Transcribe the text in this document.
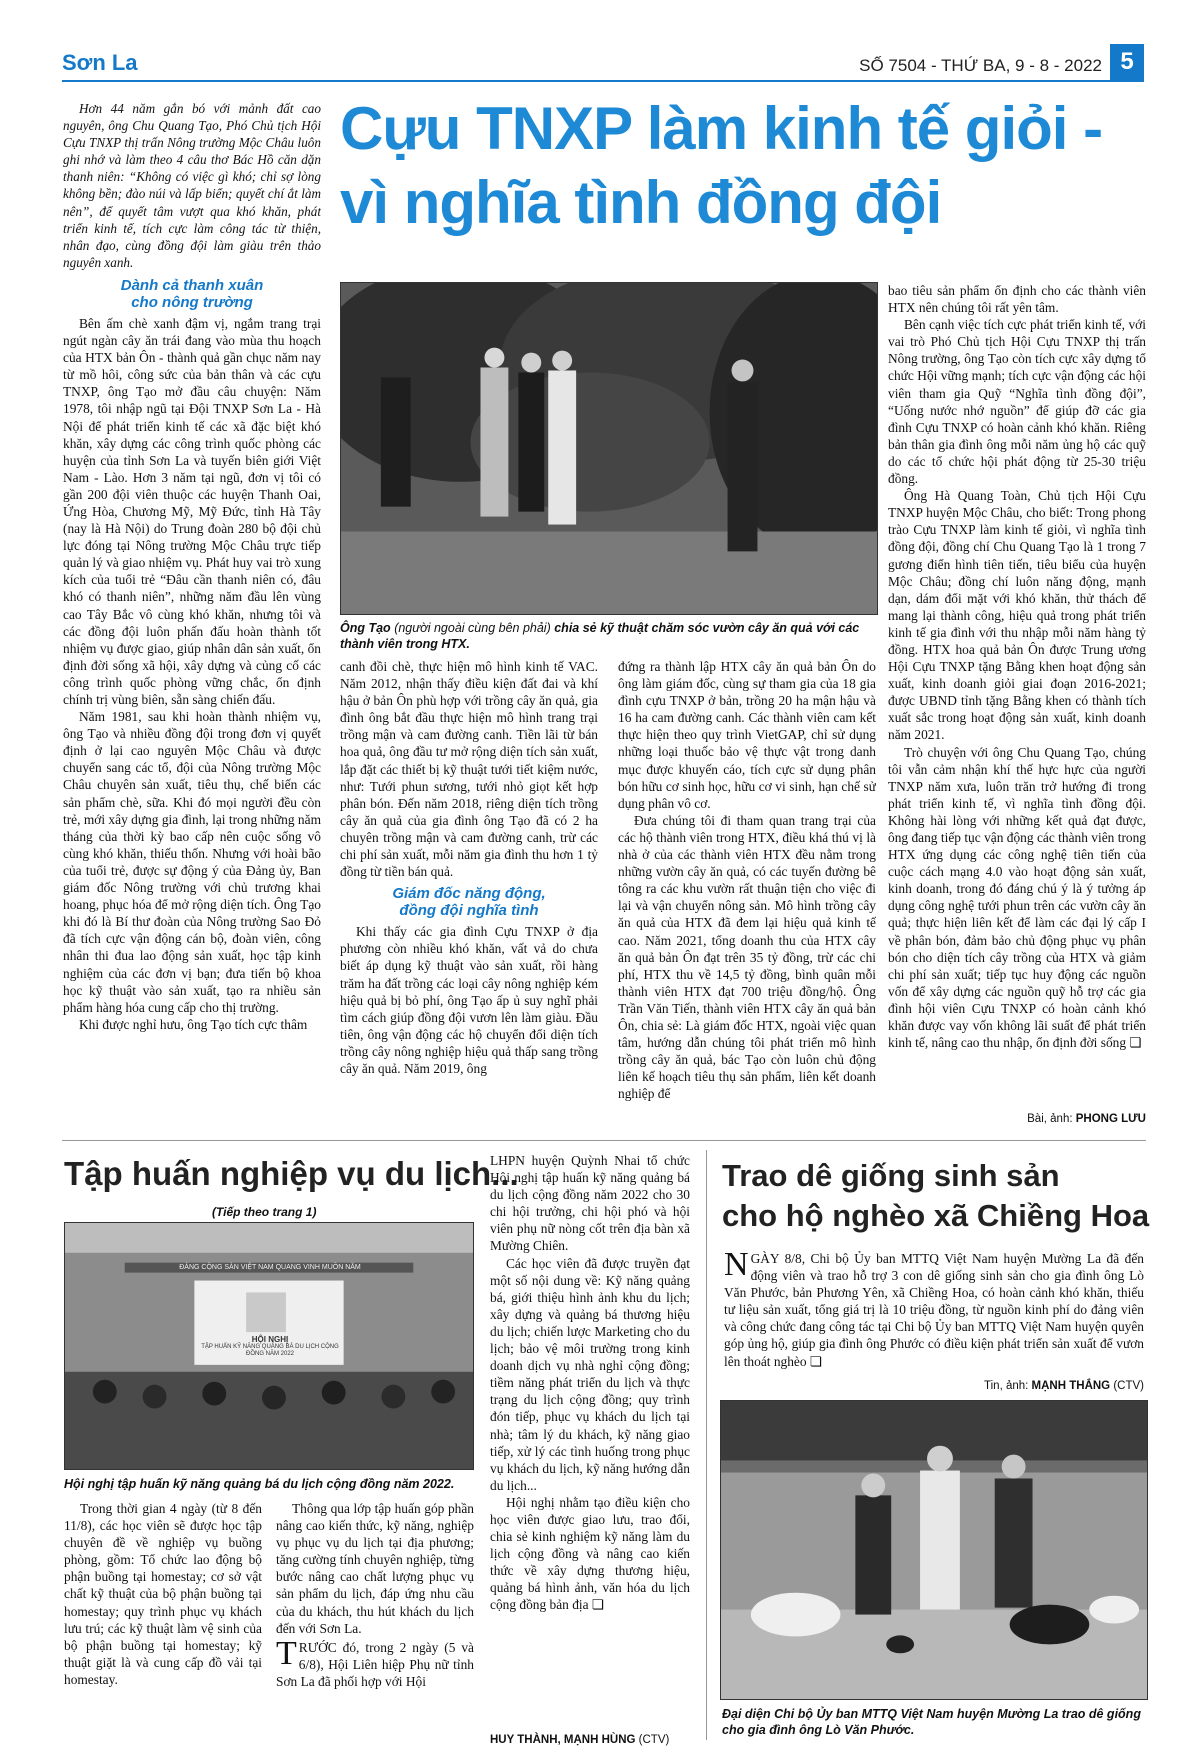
Sơn La	SỐ 7504 - THỨ BA, 9 - 8 - 2022 5
Cựu TNXP làm kinh tế giỏi -
vì nghĩa tình đồng đội

Hơn 44 năm gắn bó với mảnh đất cao nguyên, ông Chu Quang Tạo, Phó Chủ tịch Hội Cựu TNXP thị trấn Nông trường Mộc Châu luôn ghi nhớ và làm theo 4 câu thơ Bác Hồ căn dặn thanh niên: “Không có việc gì khó; chỉ sợ lòng không bền; đào núi và lấp biển; quyết chí ắt làm nên”, để quyết tâm vượt qua khó khăn, phát triển kinh tế, tích cực làm công tác từ thiện, nhân đạo, cùng đồng đội làm giàu trên thảo nguyên xanh.

Dành cả thanh xuân
cho nông trường

Bên ấm chè xanh đậm vị, ngắm trang trại ngút ngàn cây ăn trái đang vào mùa thu hoạch của HTX bản Ôn - thành quả gần chục năm nay từ mồ hôi, công sức của bản thân và các cựu TNXP, ông Tạo mở đầu câu chuyện: Năm 1978, tôi nhập ngũ tại Đội TNXP Sơn La - Hà Nội để phát triển kinh tế các xã đặc biệt khó khăn, xây dựng các công trình quốc phòng các huyện của tỉnh Sơn La và tuyến biên giới Việt Nam - Lào. Hơn 3 năm tại ngũ, đơn vị tôi có gần 200 đội viên thuộc các huyện Thanh Oai, Ứng Hòa, Chương Mỹ, Mỹ Đức, tỉnh Hà Tây (nay là Hà Nội) do Trung đoàn 280 bộ đội chủ lực đóng tại Nông trường Mộc Châu trực tiếp quản lý và giao nhiệm vụ. Phát huy vai trò xung kích của tuổi trẻ “Đâu cần thanh niên có, đâu khó có thanh niên”, những năm đầu lên vùng cao Tây Bắc vô cùng khó khăn, nhưng tôi và các đồng đội luôn phấn đấu hoàn thành tốt nhiệm vụ được giao, giúp nhân dân sản xuất, ổn định đời sống xã hội, xây dựng và củng cố các công trình quốc phòng vững chắc, ổn định chính trị vùng biên, sẵn sàng chiến đấu.

Năm 1981, sau khi hoàn thành nhiệm vụ, ông Tạo và nhiều đồng đội trong đơn vị quyết định ở lại cao nguyên Mộc Châu và được chuyển sang các tổ, đội của Nông trường Mộc Châu chuyên sản xuất, tiêu thụ, chế biến các sản phẩm chè, sữa. Khi đó mọi người đều còn trẻ, mới xây dựng gia đình, lại trong những năm tháng của thời kỳ bao cấp nên cuộc sống vô cùng khó khăn, thiếu thốn. Nhưng với hoài bão của tuổi trẻ, được sự động ý của Đảng ủy, Ban giám đốc Nông trường với chủ trương khai hoang, phục hóa để mở rộng diện tích. Ông Tạo khi đó là Bí thư đoàn của Nông trường Sao Đỏ đã tích cực vận động cán bộ, đoàn viên, công nhân thi đua lao động sản xuất, học tập kinh nghiệm của các đơn vị bạn; đưa tiến bộ khoa học kỹ thuật vào sản xuất, tạo ra nhiều sản phẩm hàng hóa cung cấp cho thị trường.

Khi được nghỉ hưu, ông Tạo tích cực thâm

Ông Tạo (người ngoài cùng bên phải) chia sẻ kỹ thuật chăm sóc vườn cây ăn quả với các thành viên trong HTX.

canh đồi chè, thực hiện mô hình kinh tế VAC. Năm 2012, nhận thấy điều kiện đất đai và khí hậu ở bản Ôn phù hợp với trồng cây ăn quả, gia đình ông bắt đầu thực hiện mô hình trang trại trồng mận và cam đường canh. Tiền lãi từ bán hoa quả, ông đầu tư mở rộng diện tích sản xuất, lắp đặt các thiết bị kỹ thuật tưới tiết kiệm nước, như: Tưới phun sương, tưới nhỏ giọt kết hợp phân bón. Đến năm 2018, riêng diện tích trồng cây ăn quả của gia đình ông Tạo đã có 2 ha chuyên trồng mận và cam đường canh, trừ các chi phí sản xuất, mỗi năm gia đình thu hơn 1 tỷ đồng từ tiền bán quả.

Giám đốc năng động,
đồng đội nghĩa tình

Khi thấy các gia đình Cựu TNXP ở địa phương còn nhiều khó khăn, vất vả do chưa biết áp dụng kỹ thuật vào sản xuất, rồi hàng trăm ha đất trồng các loại cây nông nghiệp kém hiệu quả bị bỏ phí, ông Tạo ấp ủ suy nghĩ phải tìm cách giúp đồng đội vươn lên làm giàu. Đầu tiên, ông vận động các hộ chuyển đổi diện tích trồng cây nông nghiệp hiệu quả thấp sang trồng cây ăn quả. Năm 2019, ông

đứng ra thành lập HTX cây ăn quả bản Ôn do ông làm giám đốc, cùng sự tham gia của 18 gia đình cựu TNXP ở bản, trồng 20 ha mận hậu và 16 ha cam đường canh. Các thành viên cam kết thực hiện theo quy trình VietGAP, chỉ sử dụng những loại thuốc bảo vệ thực vật trong danh mục được khuyến cáo, tích cực sử dụng phân bón hữu cơ sinh học, hữu cơ vi sinh, hạn chế sử dụng phân vô cơ.

Đưa chúng tôi đi tham quan trang trại của các hộ thành viên trong HTX, điều khá thú vị là nhà ở của các thành viên HTX đều nằm trong những vườn cây ăn quả, có các tuyến đường bê tông ra các khu vườn rất thuận tiện cho việc đi lại và vận chuyển nông sản. Mô hình trồng cây ăn quả của HTX đã đem lại hiệu quả kinh tế cao. Năm 2021, tổng doanh thu của HTX cây ăn quả bản Ôn đạt trên 35 tỷ đồng, trừ các chi phí, HTX thu về 14,5 tỷ đồng, bình quân mỗi thành viên HTX đạt 700 triệu đồng/hộ. Ông Trần Văn Tiến, thành viên HTX cây ăn quả bản Ôn, chia sẻ: Là giám đốc HTX, ngoài việc quan tâm, hướng dẫn chúng tôi phát triển mô hình trồng cây ăn quả, bác Tạo còn luôn chủ động liên kế hoạch tiêu thụ sản phẩm, liên kết doanh nghiệp để

bao tiêu sản phẩm ổn định cho các thành viên HTX nên chúng tôi rất yên tâm.

Bên cạnh việc tích cực phát triển kinh tế, với vai trò Phó Chủ tịch Hội Cựu TNXP thị trấn Nông trường, ông Tạo còn tích cực xây dựng tổ chức Hội vững mạnh; tích cực vận động các hội viên tham gia Quỹ “Nghĩa tình đồng đội”, “Uống nước nhớ nguồn” để giúp đỡ các gia đình Cựu TNXP có hoàn cảnh khó khăn. Riêng bản thân gia đình ông mỗi năm ủng hộ các quỹ do các tổ chức hội phát động từ 25-30 triệu đồng.

Ông Hà Quang Toàn, Chủ tịch Hội Cựu TNXP huyện Mộc Châu, cho biết: Trong phong trào Cựu TNXP làm kinh tế giỏi, vì nghĩa tình đồng đội, đồng chí Chu Quang Tạo là 1 trong 7 gương điển hình tiên tiến, tiêu biểu của huyện Mộc Châu; đồng chí luôn năng động, mạnh dạn, dám đổi mặt với khó khăn, thử thách để mang lại thành công, hiệu quả trong phát triển kinh tế gia đình với thu nhập mỗi năm hàng tỷ đồng. HTX hoa quả bản Ôn được Trung ương Hội Cựu TNXP tặng Bằng khen hoạt động sản xuất, kinh doanh giỏi giai đoạn 2016-2021; được UBND tỉnh tặng Bằng khen có thành tích xuất sắc trong hoạt động sản xuất, kinh doanh năm 2021.

Trò chuyện với ông Chu Quang Tạo, chúng tôi vẫn cảm nhận khí thế hực hực của người TNXP năm xưa, luôn trăn trở hướng đi trong phát triển kinh tế, vì nghĩa tình đồng đội. Không hài lòng với những kết quả đạt được, ông đang tiếp tục vận động các thành viên trong HTX ứng dụng các công nghệ tiên tiến của cuộc cách mạng 4.0 vào hoạt động sản xuất, kinh doanh, trong đó đáng chú ý là ý tưởng áp dụng công nghệ tưới phun trên các vườn cây ăn quả; thực hiện liên kết để làm các đại lý cấp I về phân bón, đảm bảo chủ động phục vụ phân bón cho diện tích cây trồng của HTX và giảm chi phí sản xuất; tiếp tục huy động các nguồn vốn để xây dựng các nguồn quỹ hỗ trợ các gia đình hội viên Cựu TNXP có hoàn cảnh khó khăn được vay vốn không lãi suất để phát triển kinh tế, nâng cao thu nhập, ổn định đời sống ❏

Bài, ảnh: PHONG LƯU
Tập huấn nghiệp vụ du lịch...
(Tiếp theo trang 1)
ĐẢNG CỘNG SẢN VIỆT NAM QUANG VINH MUÔN NĂM
HỘI NGHỊ
TẬP HUẤN KỸ NĂNG QUẢNG BÁ DU LỊCH CỘNG ĐỒNG NĂM 2022
Hội nghị tập huấn kỹ năng quảng bá du lịch cộng đồng năm 2022.

Trong thời gian 4 ngày (từ 8 đến 11/8), các học viên sẽ được học tập chuyên đề về nghiệp vụ buồng phòng, gồm: Tổ chức lao động bộ phận buồng tại homestay; cơ sở vật chất kỹ thuật của bộ phận buồng tại homestay; quy trình phục vụ khách lưu trú; các kỹ thuật làm vệ sinh của bộ phận buồng tại homestay; kỹ thuật giặt là và cung cấp đồ vải tại homestay.

Thông qua lớp tập huấn góp phần nâng cao kiến thức, kỹ năng, nghiệp vụ phục vụ du lịch tại địa phương; tăng cường tính chuyên nghiệp, từng bước nâng cao chất lượng phục vụ sản phẩm du lịch, đáp ứng nhu cầu của du khách, thu hút khách du lịch đến với Sơn La.

T RƯỚC đó, trong 2 ngày (5 và 6/8), Hội Liên hiệp Phụ nữ tỉnh Sơn La đã phối hợp với Hội

LHPN huyện Quỳnh Nhai tổ chức Hội nghị tập huấn kỹ năng quảng bá du lịch cộng đồng năm 2022 cho 30 chi hội trưởng, chi hội phó và hội viên phụ nữ nòng cốt trên địa bàn xã Mường Chiên.

Các học viên đã được truyền đạt một số nội dung về: Kỹ năng quảng bá, giới thiệu hình ảnh khu du lịch; xây dựng và quảng bá thương hiệu du lịch; chiến lược Marketing cho du lịch; bảo vệ môi trường trong kinh doanh dịch vụ nhà nghỉ cộng đồng; tiềm năng phát triển du lịch và thực trạng du lịch cộng đồng; quy trình đón tiếp, phục vụ khách du lịch tại nhà; tâm lý du khách, kỹ năng giao tiếp, xử lý các tình huống trong phục vụ khách du lịch, kỹ năng hướng dẫn du lịch...

Hội nghị nhằm tạo điều kiện cho học viên được giao lưu, trao đổi, chia sẻ kinh nghiệm kỹ năng làm du lịch cộng đồng và nâng cao kiến thức về xây dựng thương hiệu, quảng bá hình ảnh, văn hóa du lịch cộng đồng bản địa ❏

HUY THÀNH, MẠNH HÙNG (CTV)
Trao dê giống sinh sản
cho hộ nghèo xã Chiềng Hoa

N GÀY 8/8, Chi bộ Ủy ban MTTQ Việt Nam huyện Mường La đã đến động viên và trao hỗ trợ 3 con dê giống sinh sản cho gia đình ông Lò Văn Phước, bản Phương Yên, xã Chiềng Hoa, có hoàn cảnh khó khăn, thiếu tư liệu sản xuất, tổng giá trị là 10 triệu đồng, từ nguồn kinh phí do đảng viên và công chức đang công tác tại Chi bộ Ủy ban MTTQ Việt Nam huyện quyên góp ủng hộ, giúp gia đình ông Phước có điều kiện phát triển sản xuất để vươn lên thoát nghèo ❏

Tin, ảnh: MẠNH THẮNG (CTV)
Đại diện Chi bộ Ủy ban MTTQ Việt Nam huyện Mường La trao dê giống cho gia đình ông Lò Văn Phước.
